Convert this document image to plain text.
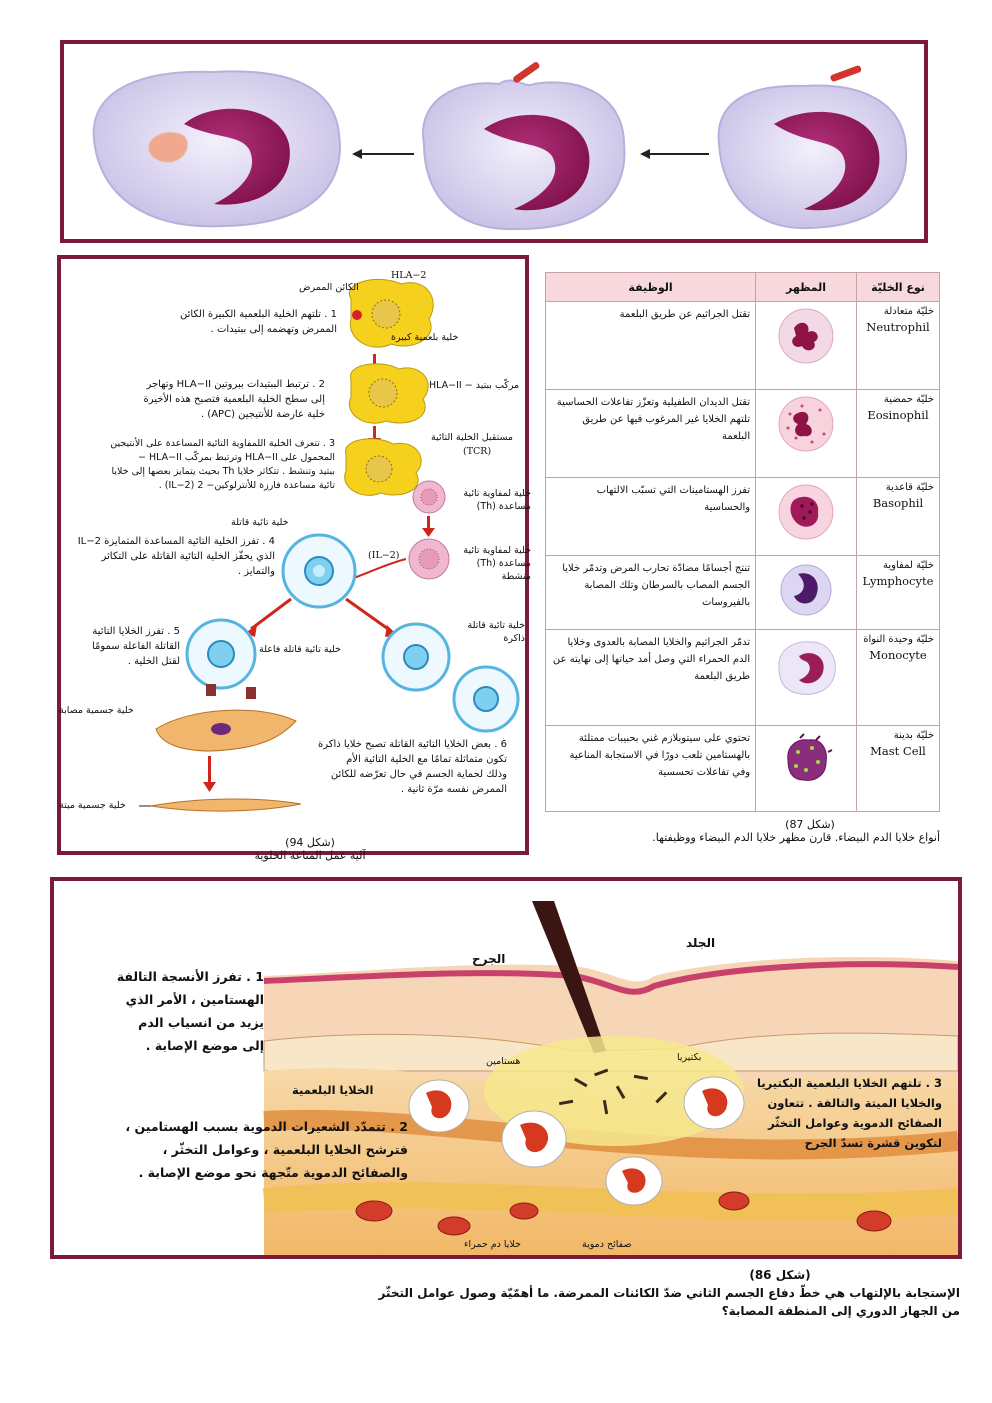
1 . تلتهم الخلية البلعمية الكبيرة الكائن
الممرض وتهضمه إلى ببتيدات .
2 . ترتبط الببتيدات ببروتين HLA−II وتهاجر
إلى سطح الخلية البلعمية فتصبح هذه الأخيرة
خلية عارضة للأنتيجين (APC) .
3 . تتعرف الخلية اللمفاوية التائية المساعدة على الأنتيجين
المحمول على HLA−II وترتبط بمركّب HLA−II −
ببتيد وتنشط . تتكاثر خلايا Th بحيث يتمايز بعضها إلى خلايا
تائية مساعدة فارزة للأنترلوكين− 2 (IL−2) .
4 . تفرز الخلية التائية المساعدة المتمايزة IL−2
الذي يحفّز الخلية التائية القاتلة على التكاثر
والتمايز .
5 . تفرز الخلايا التائية
القاتلة الفاعلة سمومًا
لقتل الخلية .
6 . بعض الخلايا التائية القاتلة تصبح خلايا ذاكرة
تكون متماثلة تمامًا مع الخلية التائية الأم
وذلك لحماية الجسم في حال تعرّضه للكائن
الممرض نفسه مرّة ثانية .
الكائن الممرض
HLA−2
خلية بلعمية كبيرة
مركّب ببتيد − HLA−II
مستقبل الخلية التائية
(TCR)
خلية لمفاوية تائية
مساعدة (Th)
خلية لمفاوية تائية
مساعدة (Th)
منشطة
(IL−2)
خلية تائية قاتلة
خلية تائية قاتلة
ذاكرة
خلية تائية قاتلة فاعلة
خلية جسمية مصابة
خلية جسمية ميتة
(شكل 94)
آلية عمل المناعة الخلوية
الوظيفة	المظهر	نوع الخليّة
تقتل الجراثيم عن طريق البلعمة		خليّة متعادلة
Neutrophil

تقتل الديدان الطفيلية وتعزّز تفاعلات الحساسية تلتهم الخلايا غير المرغوب فيها عن طريق البلعمة		خليّة حمضية
Eosinophil

تفرز الهستامينات التي تسبّب الالتهاب والحساسية		خليّة قاعدية
Basophil

تنتج أجسامًا مضادّة تحارب المرض وتدمّر خلايا الجسم المصاب بالسرطان وتلك المصابة بالفيروسات		خليّة لمفاوية
Lymphocyte

تدمّر الجراثيم والخلايا المصابة بالعدوى وخلايا الدم الحمراء التي وصل أمد حياتها إلى نهايته عن طريق البلعمة		خليّة وحيدة النواة
Monocyte

تحتوي على سيتوبلازم غني بحبيبات ممتلئة بالهستامين تلعب دورًا في الاستجابة المناعية وفي تفاعلات تحسسية		خليّة بدينة
Mast Cell
(شكل 87)
أنواع خلايا الدم البيضاء. قارن مظهر خلايا الدم البيضاء ووظيفتها.
الجلد
الجرح
بكتيريا
هستامين
الخلايا البلعمية
صفائح دموية
خلايا دم حمراء
1 . تفرز الأنسجة التالفة
الهستامين ، الأمر الذي
يزيد من انسياب الدم
إلى موضع الإصابة .
2 . تتمدّد الشعيرات الدموية بسبب الهستامين ،
فترشح الخلايا البلعمية ، وعوامل التخثّر ،
والصفائح الدموية متّجهة نحو موضع الإصابة .
3 . تلتهم الخلايا البلعمية البكتيريا
والخلايا الميتة والتالفة . تتعاون
الصفائح الدموية وعوامل التخثّر
لتكوين قشرة تسدّ الجرح
(شكل 86)
الإستجابة بالإلتهاب هي خطّ دفاع الجسم الثاني ضدّ الكائنات الممرضة. ما أهمّيّة وصول عوامل التخثّر
من الجهاز الدوري إلى المنطقة المصابة؟
